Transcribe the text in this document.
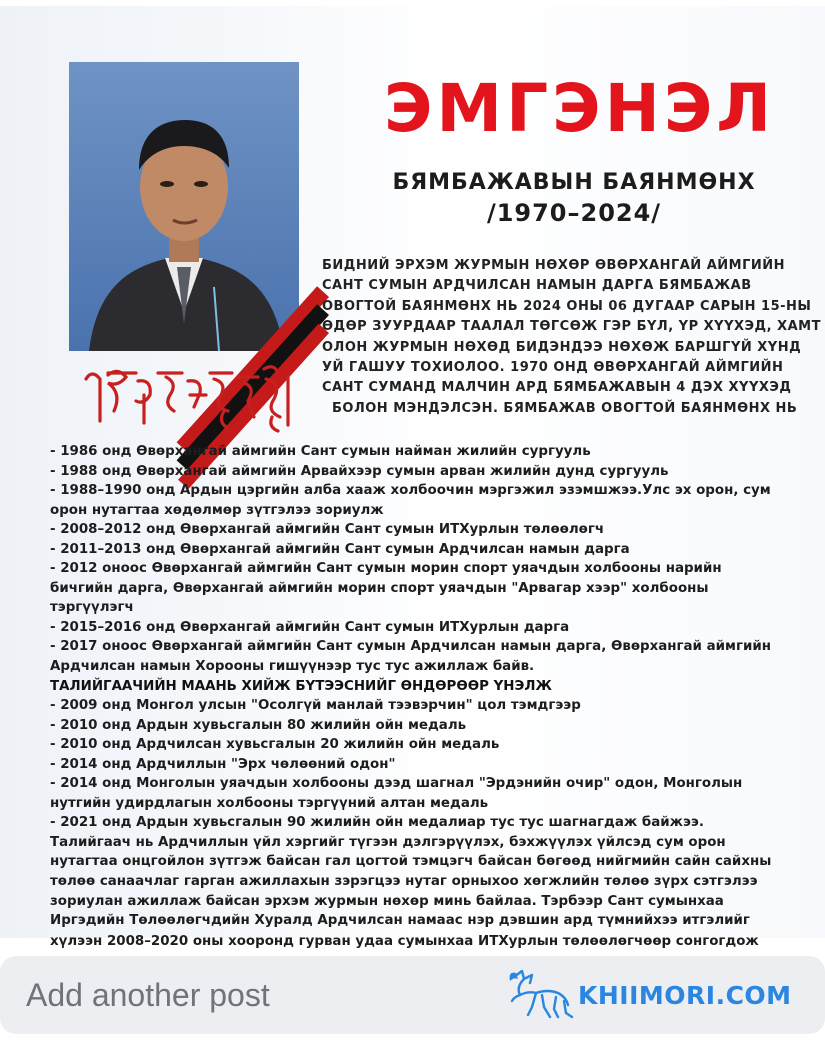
ЭМГЭНЭЛ
БЯМБАЖАВЫН БАЯНМӨНХ
/1970–2024/
БИДНИЙ ЭРХЭМ ЖУРМЫН НӨХӨР ӨВӨРХАНГАЙ АЙМГИЙН
САНТ СУМЫН АРДЧИЛСАН НАМЫН ДАРГА БЯМБАЖАВ
ОВОГТОЙ БАЯНМӨНХ НЬ 2024 ОНЫ 06 ДУГААР САРЫН 15-НЫ
ӨДӨР ЗУУРДААР ТААЛАЛ ТӨГСӨЖ ГЭР БҮЛ, ҮР ХҮҮХЭД, ХАМТ
ОЛОН ЖУРМЫН НӨХӨД БИДЭНДЭЭ НӨХӨЖ БАРШГҮЙ ХҮНД
УЙ ГАШУУ ТОХИОЛОО. 1970 ОНД ӨВӨРХАНГАЙ АЙМГИЙН
САНТ СУМАНД МАЛЧИН АРД БЯМБАЖАВЫН 4 ДЭХ ХҮҮХЭД
БОЛОН МЭНДЭЛСЭН. БЯМБАЖАВ ОВОГТОЙ БАЯНМӨНХ НЬ
- 1986 онд Өвөрхангай аймгийн Сант сумын найман жилийн сургууль
- 1988 онд Өвөрхангай аймгийн Арвайхээр сумын арван жилийн дунд сургууль
- 1988–1990 онд Ардын цэргийн алба хааж холбоочин мэргэжил эзэмшжээ.Улс эх орон, сум
орон нутагтаа хөдөлмөр зүтгэлээ зориулж
- 2008–2012 онд Өвөрхангай аймгийн Сант сумын ИТХурлын төлөөлөгч
- 2011–2013 онд Өвөрхангай аймгийн Сант сумын Ардчилсан намын дарга
- 2012 оноос Өвөрхангай аймгийн Сант сумын морин спорт уяачдын холбооны нарийн
бичгийн дарга, Өвөрхангай аймгийн морин спорт уяачдын "Арвагар хээр" холбооны
тэргүүлэгч
- 2015–2016 онд Өвөрхангай аймгийн Сант сумын ИТХурлын дарга
- 2017 оноос Өвөрхангай аймгийн Сант сумын Ардчилсан намын дарга, Өвөрхангай аймгийн
Ардчилсан намын Хорооны гишүүнээр тус тус ажиллаж байв.
ТАЛИЙГААЧИЙН МААНЬ ХИЙЖ БҮТЭЭСНИЙГ ӨНДӨРӨӨР ҮНЭЛЖ
- 2009 онд Монгол улсын "Осолгүй манлай тээвэрчин" цол тэмдгээр
- 2010 онд Ардын хувьсгалын 80 жилийн ойн медаль
- 2010 онд Ардчилсан хувьсгалын 20 жилийн ойн медаль
- 2014 онд Ардчиллын "Эрх чөлөөний одон"
- 2014 онд Монголын уяачдын холбооны дээд шагнал "Эрдэнийн очир" одон, Монголын
нутгийн удирдлагын холбооны тэргүүний алтан медаль
- 2021 онд Ардын хувьсгалын 90 жилийн ойн медалиар тус тус шагнагдаж байжээ.
Талийгаач нь Ардчиллын үйл хэргийг түгээн дэлгэрүүлэх, бэхжүүлэх үйлсэд сум орон
нутагтаа онцгойлон зүтгэж байсан гал цогтой тэмцэгч байсан бөгөөд нийгмийн сайн сайхны
төлөө санаачлаг гарган ажиллахын зэрэгцээ нутаг орныхоо хөгжлийн төлөө зүрх сэтгэлээ
зориулан ажиллаж байсан эрхэм журмын нөхөр минь байлаа. Тэрбээр Сант сумынхаа
Иргэдийн Төлөөлөгчдийн Хуралд Ардчилсан намаас нэр дэвшин ард түмнийхээ итгэлийг
хүлээн 2008–2020 оны хооронд гурван удаа сумынхаа ИТХурлын төлөөлөгчөөр сонгогдож
Add another post	KHIIMORI.COM
